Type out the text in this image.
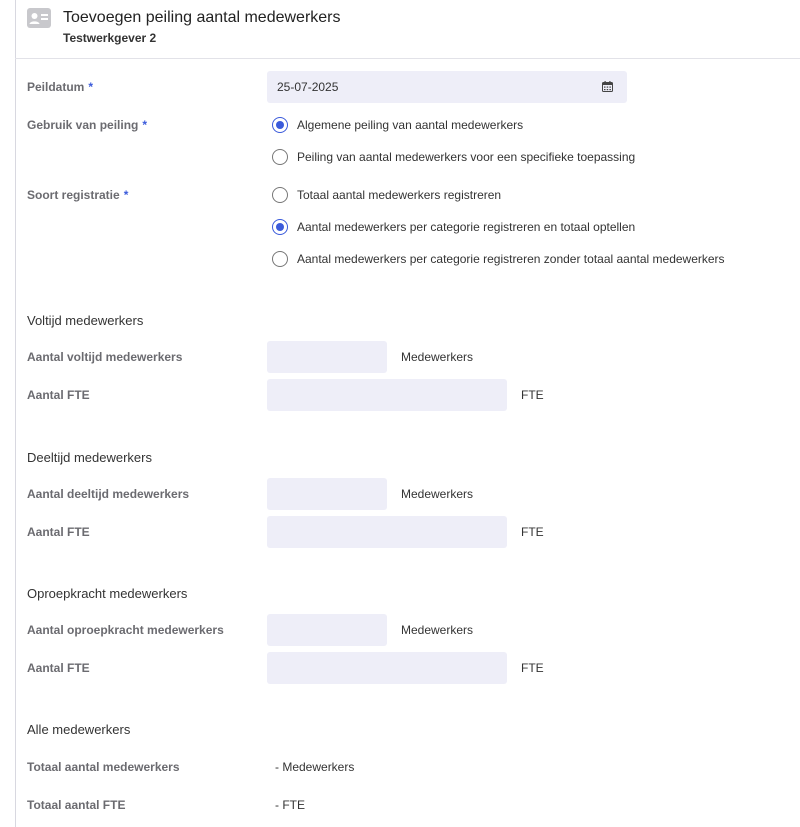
Toevoegen peiling aantal medewerkers
Testwerkgever 2
Peildatum *
25-07-2025
Gebruik van peiling *	Algemene peiling van aantal medewerkers
Peiling van aantal medewerkers voor een specifieke toepassing
Soort registratie *	Totaal aantal medewerkers registreren
Aantal medewerkers per categorie registreren en totaal optellen
Aantal medewerkers per categorie registreren zonder totaal aantal medewerkers
Voltijd medewerkers
Aantal voltijd medewerkers	Medewerkers
Aantal FTE	FTE
Deeltijd medewerkers
Aantal deeltijd medewerkers	Medewerkers
Aantal FTE	FTE
Oproepkracht medewerkers
Aantal oproepkracht medewerkers	Medewerkers
Aantal FTE	FTE
Alle medewerkers
Totaal aantal medewerkers	- Medewerkers
Totaal aantal FTE	- FTE
